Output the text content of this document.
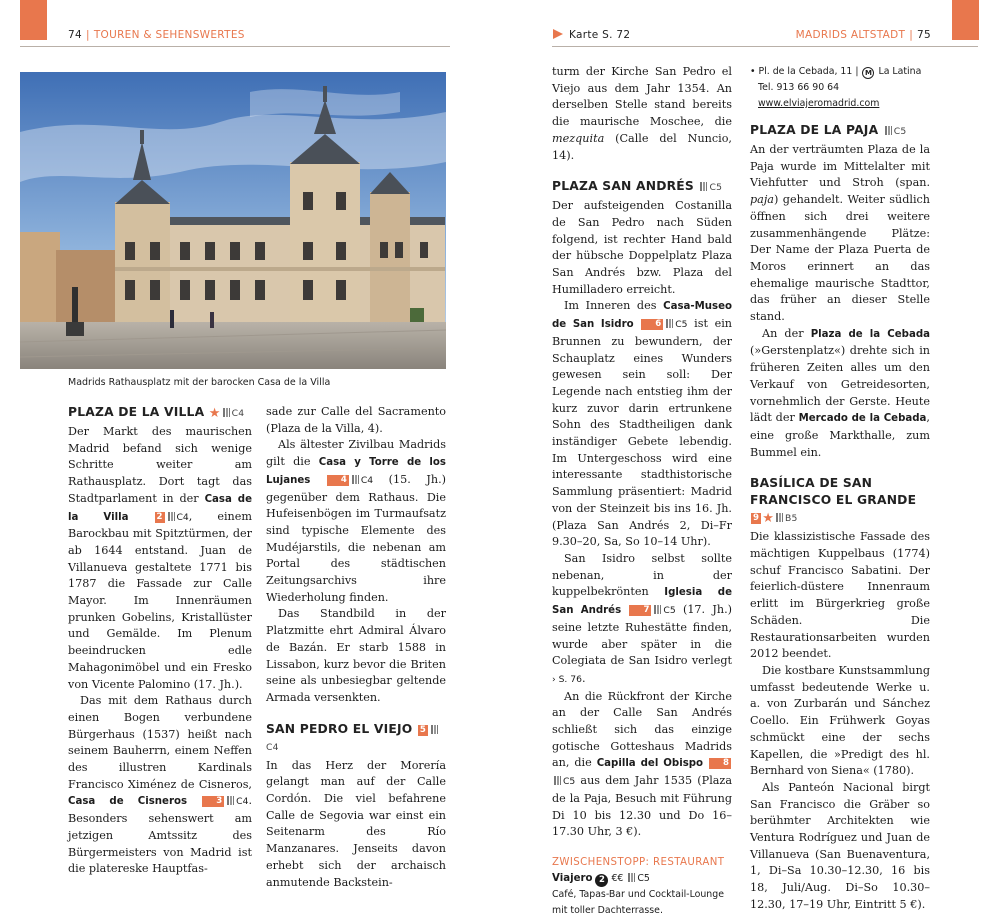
74 | TOUREN & SEHENSWERTES	Karte S. 72	MADRIDS ALTSTADT | 75
Madrids Rathausplatz mit der barocken Casa de la Villa
PLAZA DE LA VILLA ★ C4

Der Markt des maurischen Madrid befand sich wenige Schritte weiter am Rathausplatz. Dort tagt das Stadtparlament in der Casa de la Villa	2 C4, einem Barockbau mit Spitztürmen, der ab 1644 entstand. Juan de Villanueva gestaltete 1771 bis 1787 die Fassade zur Calle Mayor. Im Innenräumen prunken Gobelins, Kristallüster und Gemälde. Im Plenum beeindrucken edle Mahagonimöbel und ein Fresko von Vicente Palomino (17. Jh.).

Das mit dem Rathaus durch einen Bogen verbundene Bürgerhaus (1537) heißt nach seinem Bauherrn, einem Neffen des illustren Kardinals Francisco Ximénez de Cisneros, Casa de Cisneros	3 C4. Besonders sehenswert am jetzigen Amtssitz des Bürgermeisters von Madrid ist die platereske Hauptfas-

sade zur Calle del Sacramento (Plaza de la Villa, 4).

Als ältester Zivilbau Madrids gilt die Casa y Torre de los Lujanes	4 C4 (15. Jh.) gegenüber dem Rathaus. Die Hufeisenbögen im Turmaufsatz sind typische Elemente des Mudéjarstils, die nebenan am Portal des städtischen Zeitungsarchivs ihre Wiederholung finden.

Das Standbild in der Platzmitte ehrt Admiral Álvaro de Bazán. Er starb 1588 in Lissabon, kurz bevor die Briten seine als unbesiegbar geltende Armada versenkten.

SAN PEDRO EL VIEJO 5C4

In das Herz der Morería gelangt man auf der Calle Cordón. Die viel befahrene Calle de Segovia war einst ein Seitenarm des Río Manzanares. Jenseits davon erhebt sich der archaisch anmutende Backstein-

turm der Kirche San Pedro el Viejo aus dem Jahr 1354. An derselben Stelle stand bereits die maurische Moschee, die mezquita (Calle del Nuncio, 14).

PLAZA SAN ANDRÉS C5

Der aufsteigenden Costanilla de San Pedro nach Süden folgend, ist rechter Hand bald der hübsche Doppelplatz Plaza San Andrés bzw. Plaza del Humilladero erreicht.

Im Inneren des Casa-Museo de San Isidro	6 C5 ist ein Brunnen zu bewundern, der Schauplatz eines Wunders gewesen sein soll: Der Legende nach entstieg ihm der kurz zuvor darin ertrunkene Sohn des Stadtheiligen dank inständiger Gebete lebendig. Im Untergeschoss wird eine interessante stadthistorische Sammlung präsentiert: Madrid von der Steinzeit bis ins 16. Jh. (Plaza San Andrés 2, Di–Fr 9.30–20, Sa, So 10–14 Uhr).

San Isidro selbst sollte nebenan, in der kuppelbekrönten Iglesia de San Andrés	7 C5 (17. Jh.) seine letzte Ruhestätte finden, wurde aber später in die Colegiata de San Isidro verlegt › S. 76.

An die Rückfront der Kirche an der Calle San Andrés schließt sich das einzige gotische Gotteshaus Madrids an, die Capilla del Obispo 8C5 aus dem Jahr 1535 (Plaza de la Paja, Besuch mit Führung Di 10 bis 12.30 und Do 16–17.30 Uhr, 3 €).

ZWISCHENSTOPP: RESTAURANT
Viajero 2 €€ C5
Café, Tapas-Bar und Cocktail-Lounge mit toller Dachterrasse.
• Pl. de la Cebada, 11 | M La Latina
Tel. 913 66 90 64
www.elviajeromadrid.com
PLAZA DE LA PAJA C5

An der verträumten Plaza de la Paja wurde im Mittelalter mit Viehfutter und Stroh (span. paja) gehandelt. Weiter südlich öffnen sich drei weitere zusammenhängende Plätze: Der Name der Plaza Puerta de Moros erinnert an das ehemalige maurische Stadttor, das früher an dieser Stelle stand.

An der Plaza de la Cebada (»Gerstenplatz«) drehte sich in früheren Zeiten alles um den Verkauf von Getreidesorten, vornehmlich der Gerste. Heute lädt der Mercado de la Cebada, eine große Markthalle, zum Bummel ein.

BASÍLICA DE SAN FRANCISCO EL GRANDE 9 ★ B5

Die klassizistische Fassade des mächtigen Kuppelbaus (1774) schuf Francisco Sabatini. Der feierlich-düstere Innenraum erlitt im Bürgerkrieg große Schäden. Die Restaurationsarbeiten wurden 2012 beendet.

Die kostbare Kunstsammlung umfasst bedeutende Werke u. a. von Zurbarán und Sánchez Coello. Ein Frühwerk Goyas schmückt eine der sechs Kapellen, die »Predigt des hl. Bernhard von Siena« (1780).

Als Panteón Nacional birgt San Francisco die Gräber so berühmter Architekten wie Ventura Rodríguez und Juan de Villanueva (San Buenaventura, 1, Di–Sa 10.30–12.30, 16 bis 18, Juli/Aug. Di–So 10.30–12.30, 17–19 Uhr, Eintritt 5 €).
